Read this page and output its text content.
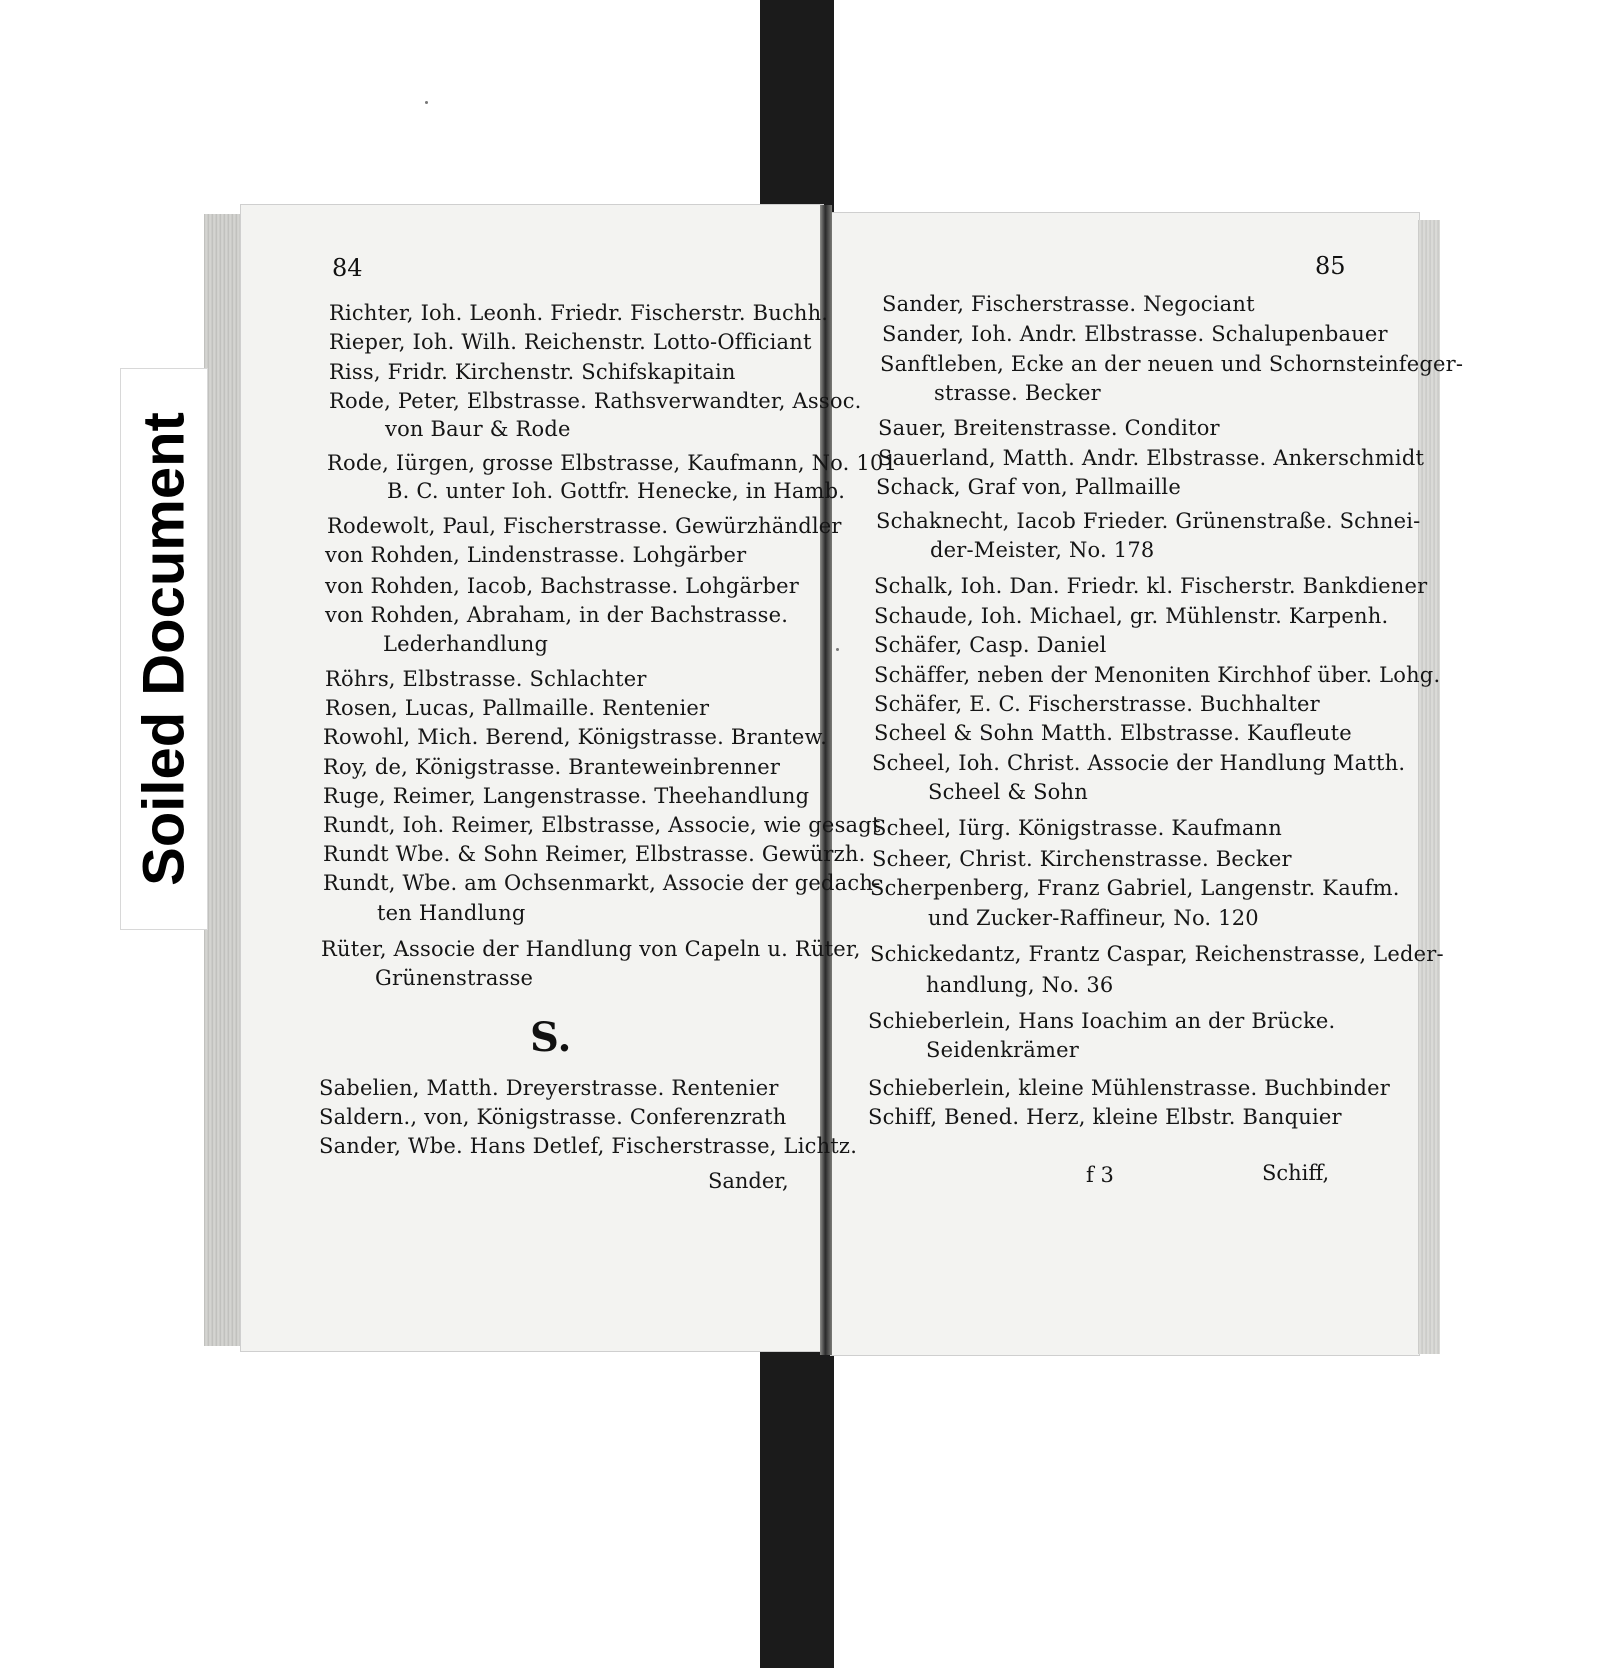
Soiled Document
84
Richter, Ioh. Leonh. Friedr. Fischerstr. Buchh.
Rieper, Ioh. Wilh. Reichenstr. Lotto-Officiant
Riss, Fridr. Kirchenstr. Schifskapitain
Rode, Peter, Elbstrasse. Rathsverwandter, Assoc.
von Baur & Rode
Rode, Iürgen, grosse Elbstrasse, Kaufmann, No. 101
B. C. unter Ioh. Gottfr. Henecke, in Hamb.
Rodewolt, Paul, Fischerstrasse. Gewürzhändler
von Rohden, Lindenstrasse. Lohgärber
von Rohden, Iacob, Bachstrasse. Lohgärber
von Rohden, Abraham, in der Bachstrasse.
Lederhandlung
Röhrs, Elbstrasse. Schlachter
Rosen, Lucas, Pallmaille. Rentenier
Rowohl, Mich. Berend, Königstrasse. Brantew.
Roy, de, Königstrasse. Branteweinbrenner
Ruge, Reimer, Langenstrasse. Theehandlung
Rundt, Ioh. Reimer, Elbstrasse, Associe, wie gesagt
Rundt Wbe. & Sohn Reimer, Elbstrasse. Gewürzh.
Rundt, Wbe. am Ochsenmarkt, Associe der gedach-
ten Handlung
Rüter, Associe der Handlung von Capeln u. Rüter,
Grünenstrasse
S.
Sabelien, Matth. Dreyerstrasse. Rentenier
Saldern., von, Königstrasse. Conferenzrath
Sander, Wbe. Hans Detlef, Fischerstrasse, Lichtz.
Sander,
85
Sander, Fischerstrasse. Negociant
Sander, Ioh. Andr. Elbstrasse. Schalupenbauer
Sanftleben, Ecke an der neuen und Schornsteinfeger-
strasse. Becker
Sauer, Breitenstrasse. Conditor
Sauerland, Matth. Andr. Elbstrasse. Ankerschmidt
Schack, Graf von, Pallmaille
Schaknecht, Iacob Frieder. Grünenstraße. Schnei-
der-Meister, No. 178
Schalk, Ioh. Dan. Friedr. kl. Fischerstr. Bankdiener
Schaude, Ioh. Michael, gr. Mühlenstr. Karpenh.
Schäfer, Casp. Daniel
Schäffer, neben der Menoniten Kirchhof über. Lohg.
Schäfer, E. C. Fischerstrasse. Buchhalter
Scheel & Sohn Matth. Elbstrasse. Kaufleute
Scheel, Ioh. Christ. Associe der Handlung Matth.
Scheel & Sohn
Scheel, Iürg. Königstrasse. Kaufmann
Scheer, Christ. Kirchenstrasse. Becker
Scherpenberg, Franz Gabriel, Langenstr. Kaufm.
und Zucker-Raffineur, No. 120
Schickedantz, Frantz Caspar, Reichenstrasse, Leder-
handlung, No. 36
Schieberlein, Hans Ioachim an der Brücke.
Seidenkrämer
Schieberlein, kleine Mühlenstrasse. Buchbinder
Schiff, Bened. Herz, kleine Elbstr. Banquier
f 3	Schiff,
